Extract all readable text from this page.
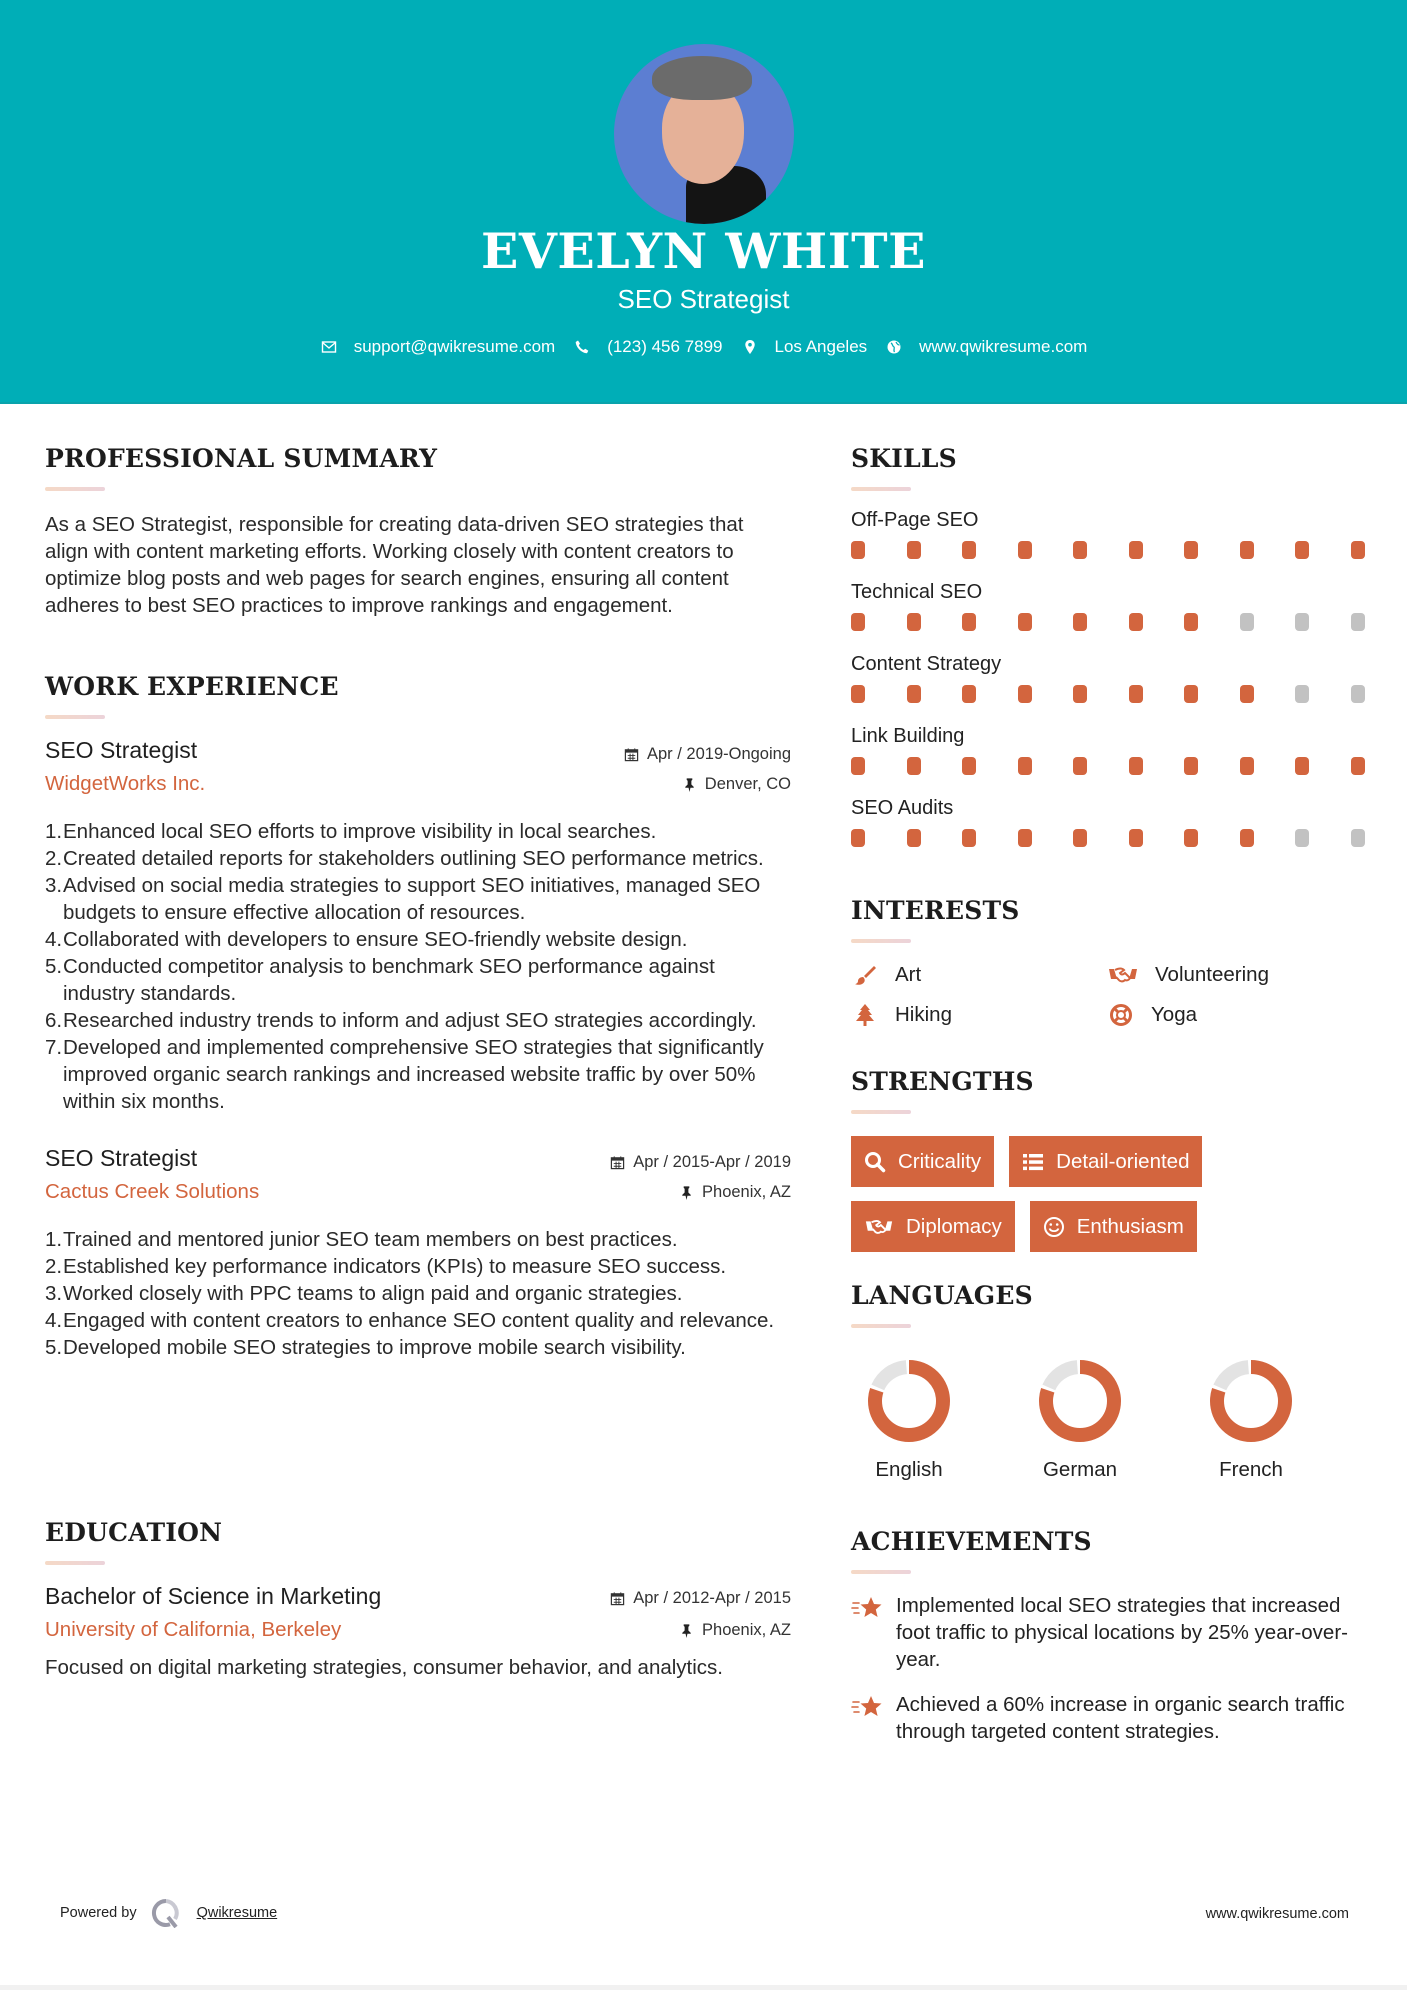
EVELYN WHITE
SEO Strategist
support@qwikresume.com	(123) 456 7899	Los Angeles	www.qwikresume.com
PROFESSIONAL SUMMARY
As a SEO Strategist, responsible for creating data-driven SEO strategies that align with content marketing efforts. Working closely with content creators to optimize blog posts and web pages for search engines, ensuring all content adheres to best SEO practices to improve rankings and engagement.
WORK EXPERIENCE
SEO Strategist	Apr / 2019-Ongoing
WidgetWorks Inc.	Denver, CO
1. Enhanced local SEO efforts to improve visibility in local searches.
2. Created detailed reports for stakeholders outlining SEO performance metrics.
3. Advised on social media strategies to support SEO initiatives, managed SEO budgets to ensure effective allocation of resources.
4. Collaborated with developers to ensure SEO-friendly website design.
5. Conducted competitor analysis to benchmark SEO performance against industry standards.
6. Researched industry trends to inform and adjust SEO strategies accordingly.
7. Developed and implemented comprehensive SEO strategies that significantly improved organic search rankings and increased website traffic by over 50% within six months.
SEO Strategist	Apr / 2015-Apr / 2019
Cactus Creek Solutions	Phoenix, AZ
1. Trained and mentored junior SEO team members on best practices.
2. Established key performance indicators (KPIs) to measure SEO success.
3. Worked closely with PPC teams to align paid and organic strategies.
4. Engaged with content creators to enhance SEO content quality and relevance.
5. Developed mobile SEO strategies to improve mobile search visibility.
EDUCATION
Bachelor of Science in Marketing	Apr / 2012-Apr / 2015
University of California, Berkeley	Phoenix, AZ
Focused on digital marketing strategies, consumer behavior, and analytics.
SKILLS
Off-Page SEO
Technical SEO
Content Strategy
Link Building
SEO Audits
INTERESTS
Art	Volunteering
Hiking	Yoga
STRENGTHS
Criticality	Detail-oriented
Diplomacy	Enthusiasm
LANGUAGES
English	German	French
ACHIEVEMENTS
Implemented local SEO strategies that increased foot traffic to physical locations by 25% year-over-year.
Achieved a 60% increase in organic search traffic through targeted content strategies.
Powered by	Qwikresume	www.qwikresume.com
